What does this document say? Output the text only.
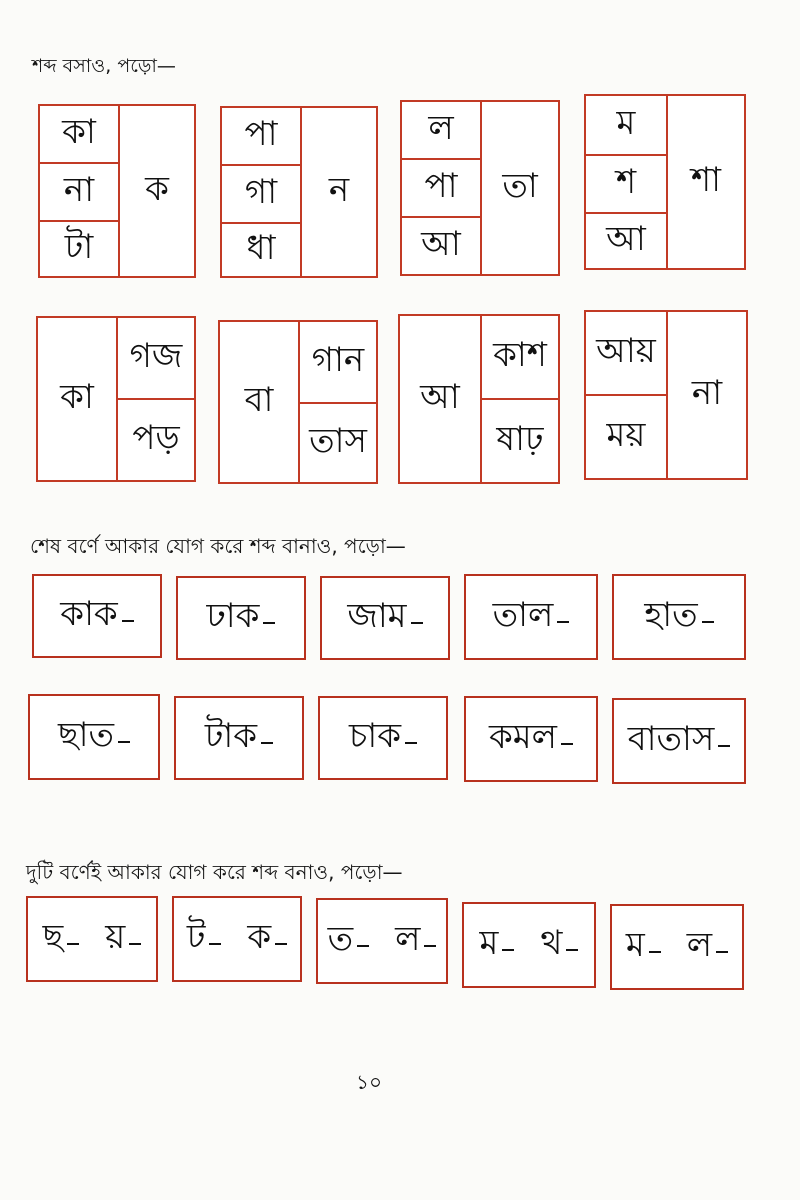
শব্দ বসাও, পড়ো—
কা
না
টা
ক
পা
গা
ধা
ন
ল
পা
আ
তা
ম
শ
আ
শা
কা
গজ
পড়
বা
গান
তাস
আ
কাশ
ষাঢ়
আয়
ময়
না
শেষ বর্ণে আকার যোগ করে শব্দ বানাও, পড়ো—
কাক	ঢাক	জাম	তাল	হাত
ছাত	টাক	চাক	কমল বাতাস
দুটি বর্ণেই আকার যোগ করে শব্দ বনাও, পড়ো—
ছ য় ট ক ত ল ম থ ম ল
১০
